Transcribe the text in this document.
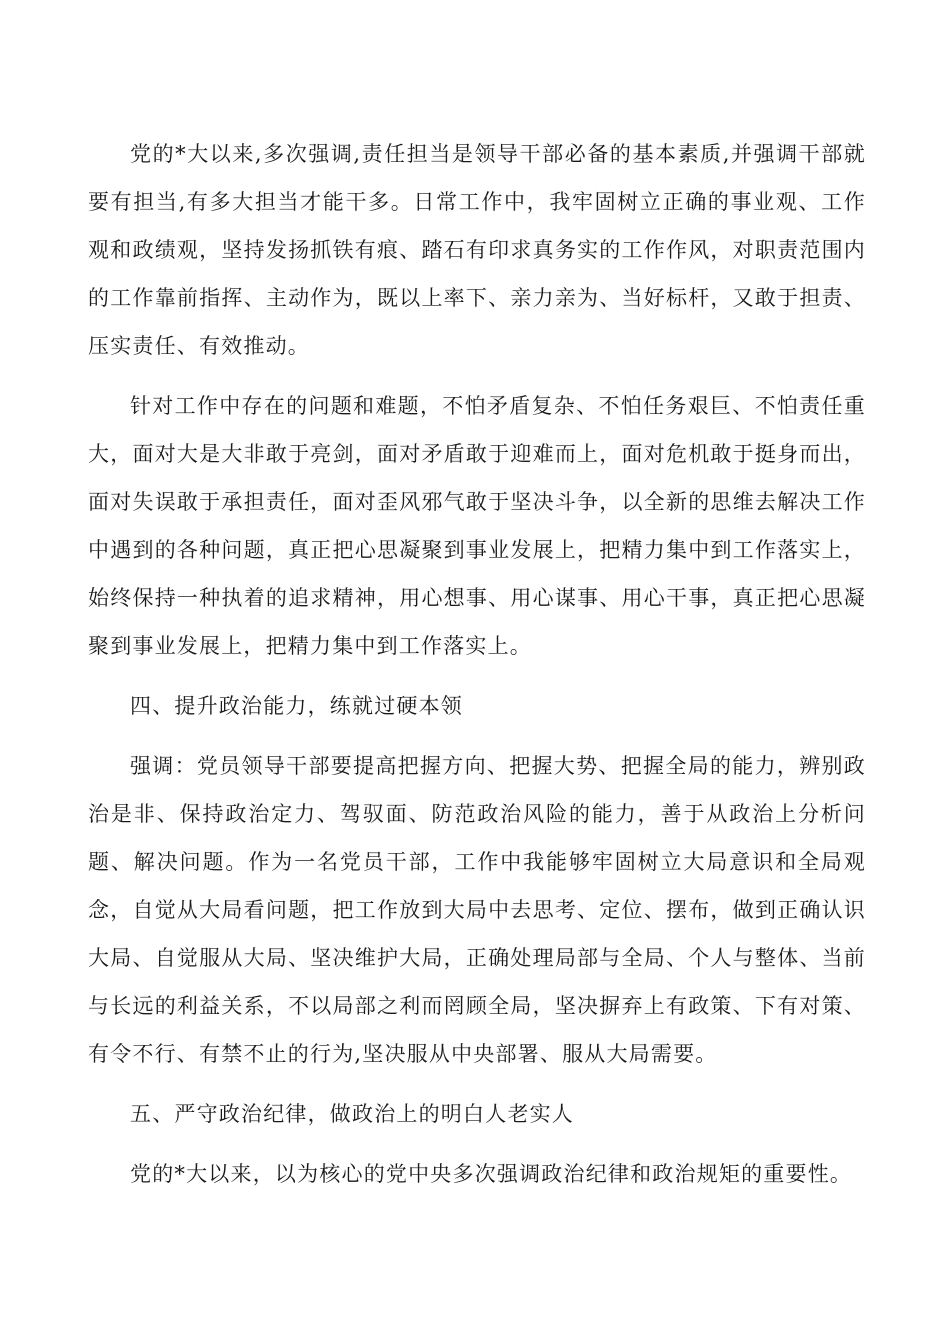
党的*大以来,多次强调,责任担当是领导干部必备的基本素质,并强调干部就要有担当,有多大担当才能干多。日常工作中，我牢固树立正确的事业观、工作观和政绩观，坚持发扬抓铁有痕、踏石有印求真务实的工作作风，对职责范围内的工作靠前指挥、主动作为，既以上率下、亲力亲为、当好标杆，又敢于担责、压实责任、有效推动。

针对工作中存在的问题和难题，不怕矛盾复杂、不怕任务艰巨、不怕责任重大，面对大是大非敢于亮剑，面对矛盾敢于迎难而上，面对危机敢于挺身而出，面对失误敢于承担责任，面对歪风邪气敢于坚决斗争，以全新的思维去解决工作中遇到的各种问题，真正把心思凝聚到事业发展上，把精力集中到工作落实上，始终保持一种执着的追求精神，用心想事、用心谋事、用心干事，真正把心思凝聚到事业发展上，把精力集中到工作落实上。

四、提升政治能力，练就过硬本领

强调：党员领导干部要提高把握方向、把握大势、把握全局的能力，辨别政治是非、保持政治定力、驾驭面、防范政治风险的能力，善于从政治上分析问题、解决问题。作为一名党员干部，工作中我能够牢固树立大局意识和全局观念，自觉从大局看问题，把工作放到大局中去思考、定位、摆布，做到正确认识大局、自觉服从大局、坚决维护大局，正确处理局部与全局、个人与整体、当前与长远的利益关系，不以局部之利而罔顾全局，坚决摒弃上有政策、下有对策、有令不行、有禁不止的行为,坚决服从中央部署、服从大局需要。

五、严守政治纪律，做政治上的明白人老实人

党的*大以来，以为核心的党中央多次强调政治纪律和政治规矩的重要性。
